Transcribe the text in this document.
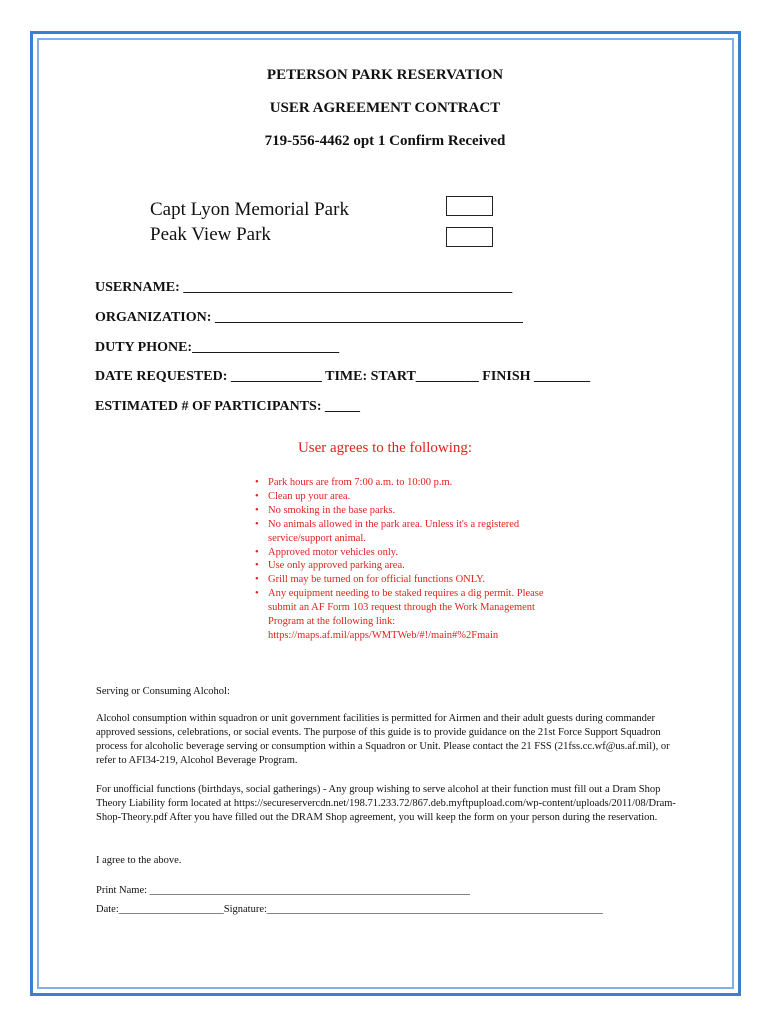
PETERSON PARK RESERVATION
USER AGREEMENT CONTRACT
719-556-4462 opt 1 Confirm Received
Capt Lyon Memorial Park
Peak View Park
USERNAME: _______________________________________________
ORGANIZATION: ____________________________________________
DUTY PHONE:_____________________
DATE REQUESTED: _____________ TIME: START_________ FINISH ________
ESTIMATED # OF PARTICIPANTS: _____
User agrees to the following:
• Park hours are from 7:00 a.m. to 10:00 p.m.
• Clean up your area.
• No smoking in the base parks.
• No animals allowed in the park area. Unless it's a registered service/support animal.
• Approved motor vehicles only.
• Use only approved parking area.
• Grill may be turned on for official functions ONLY.
• Any equipment needing to be staked requires a dig permit. Please submit an AF Form 103 request through the Work Management Program at the following link: https://maps.af.mil/apps/WMTWeb/#!/main#%2Fmain
Serving or Consuming Alcohol:

Alcohol consumption within squadron or unit government facilities is permitted for Airmen and their adult guests during commander approved sessions, celebrations, or social events. The purpose of this guide is to provide guidance on the 21st Force Support Squadron process for alcoholic beverage serving or consumption within a Squadron or Unit. Please contact the 21 FSS (21fss.cc.wf@us.af.mil), or refer to AFI34-219, Alcohol Beverage Program.

For unofficial functions (birthdays, social gatherings) - Any group wishing to serve alcohol at their function must fill out a Dram Shop Theory Liability form located at https://secureservercdn.net/198.71.233.72/867.deb.myftpupload.com/wp-content/uploads/2011/08/Dram-Shop-Theory.pdf After you have filled out the DRAM Shop agreement, you will keep the form on your person during the reservation.

I agree to the above.
Print Name: _____________________________________________________________
Date:____________________Signature:________________________________________________________________
